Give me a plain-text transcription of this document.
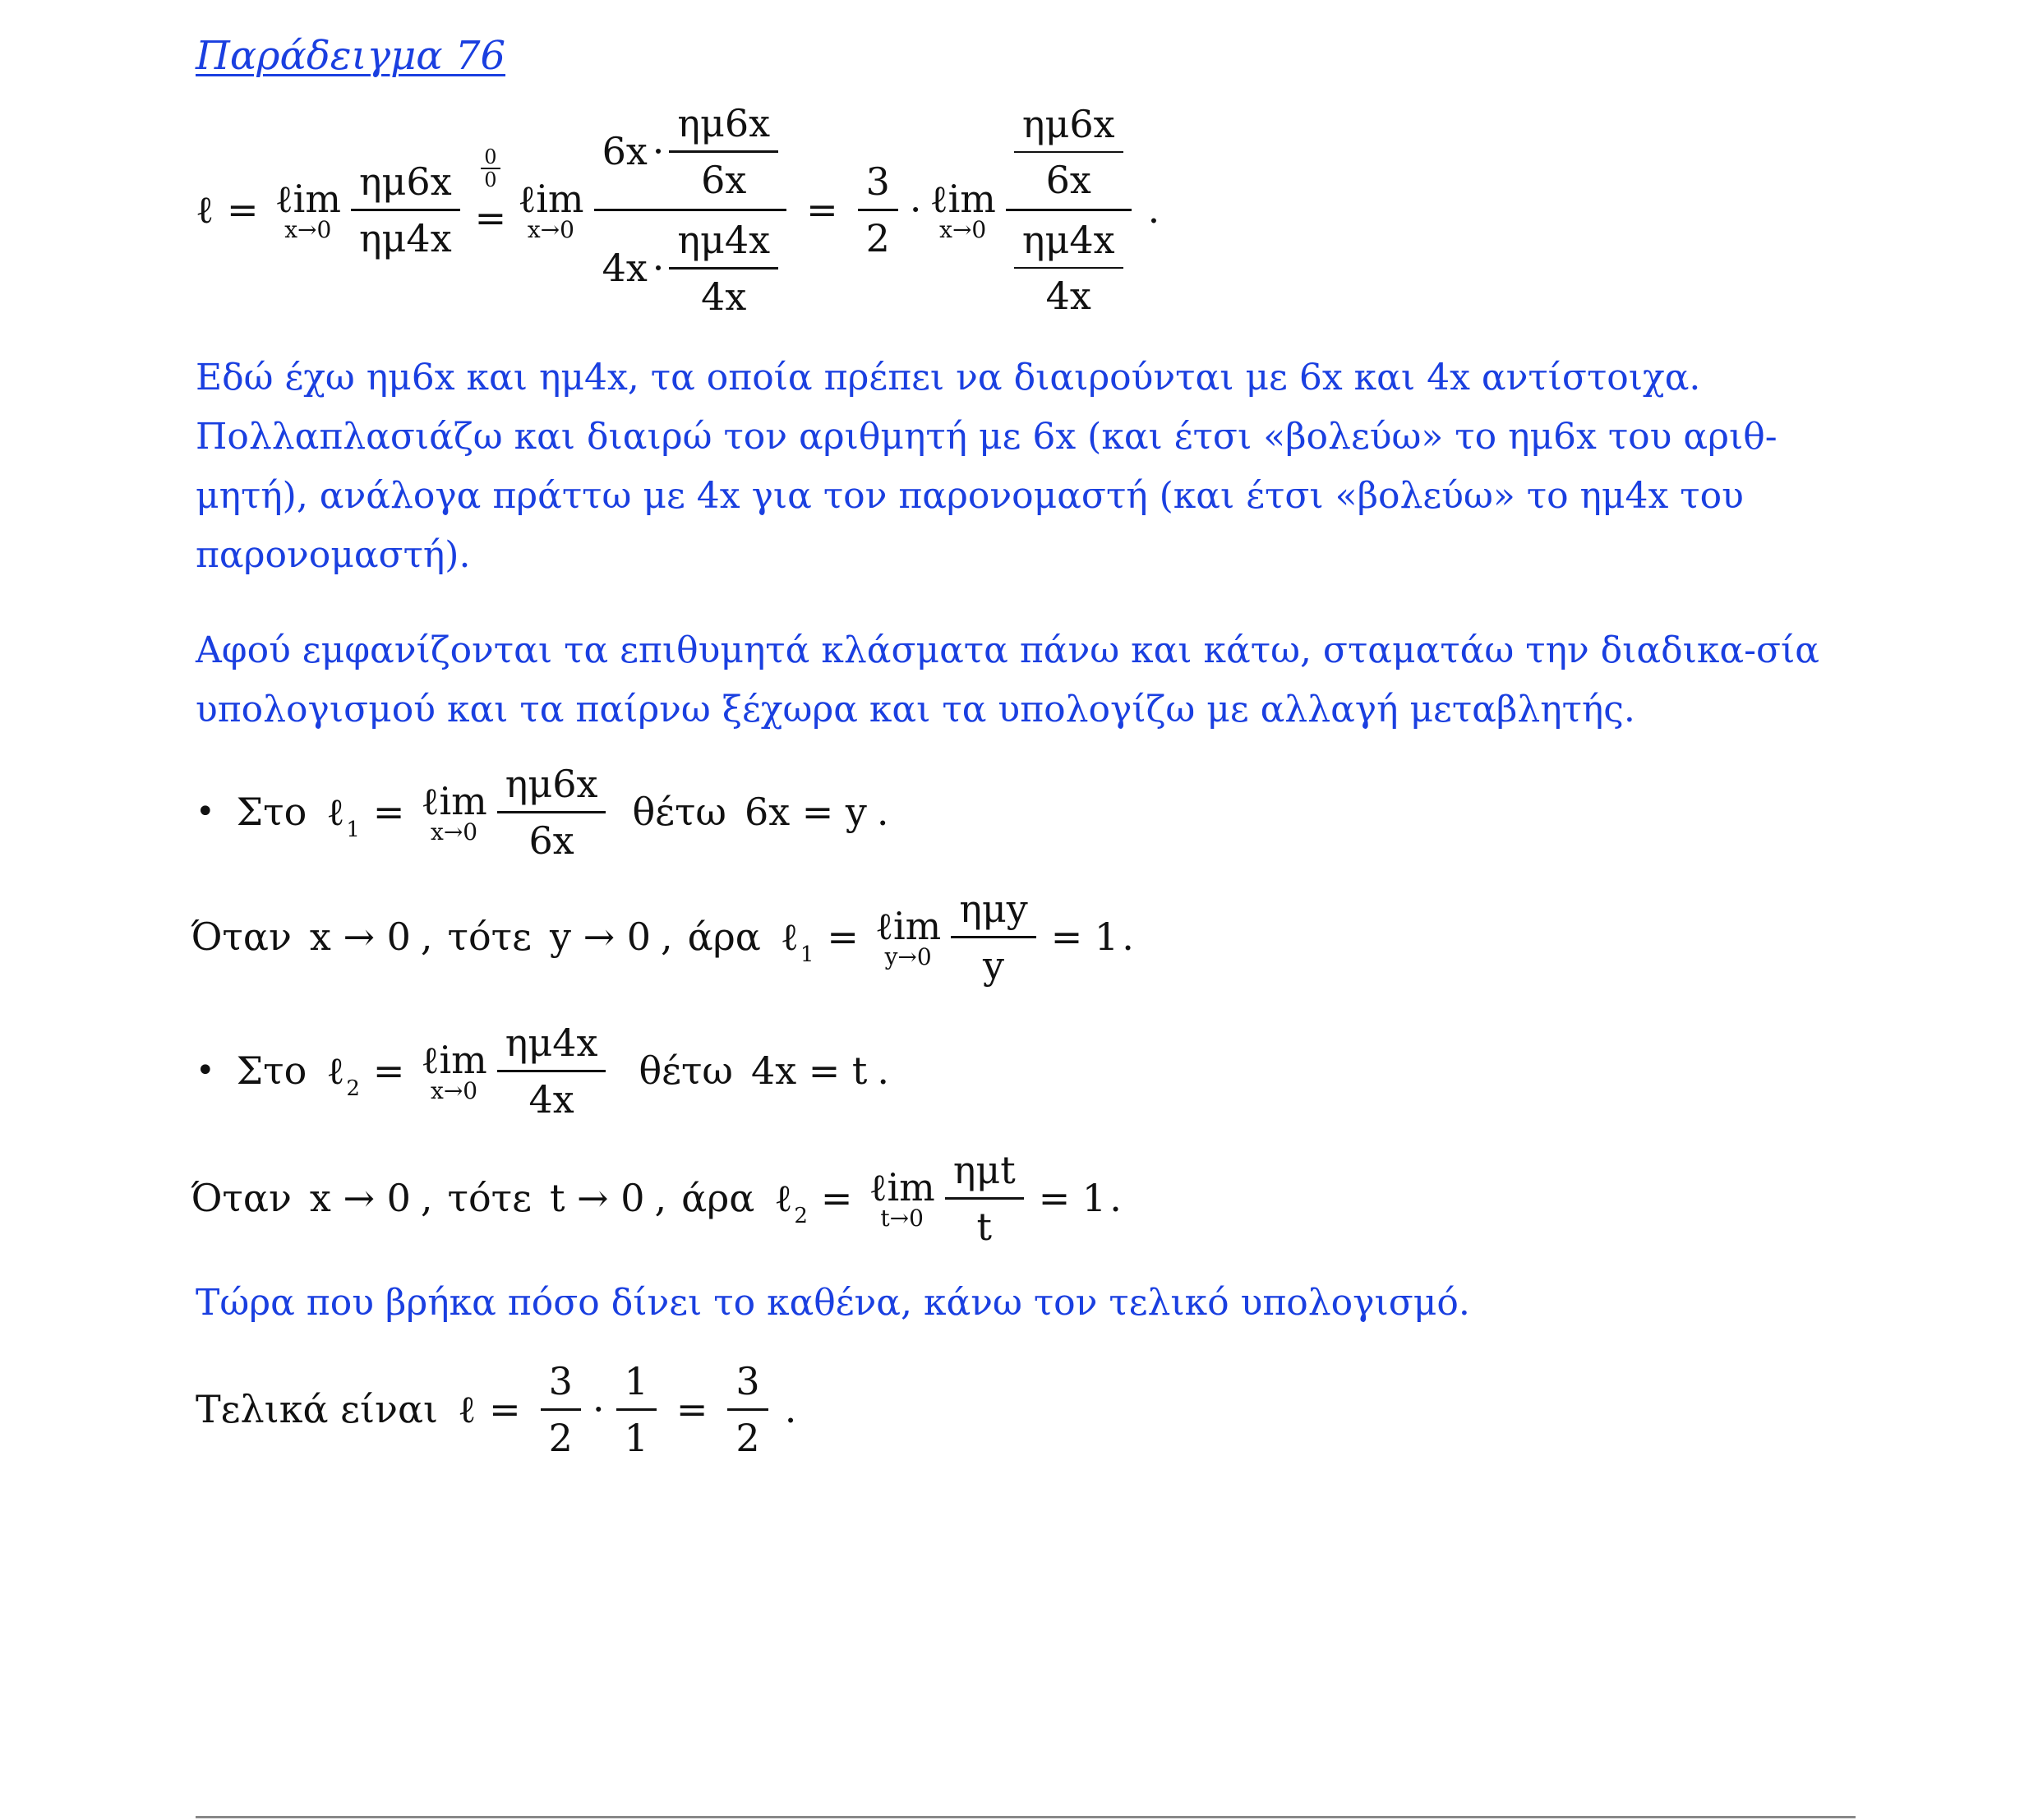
Παράδειγμα 76
ℓ = ℓim
$x\to 0 \frac{\eta\mu 6x}{\eta\mu 4x} \frac{0}{0}$
= ℓim
$x\to 0 \frac{6x \cdot \frac{\eta\mu 6x}{6x}}{4x \cdot \frac{\eta\mu 4x}{4x}} = \frac{3}{2}$ · ℓim
$x\to 0 \frac{\frac{\eta\mu 6x}{6x}}{\frac{\eta\mu 4x}{4x}}$ .
Εδώ έχω ημ6x και ημ4x, τα οποία πρέπει να διαιρούνται με 6x και 4x αντίστοιχα. Πολλαπλασιάζω και διαιρώ τον αριθμητή με 6x (και έτσι «βολεύω» το ημ6x του αριθ-μητή), ανάλογα πράττω με 4x για τον παρονομαστή (και έτσι «βολεύω» το ημ4x του παρονομαστή).
Αφού εμφανίζονται τα επιθυμητά κλάσματα πάνω και κάτω, σταματάω την διαδικα-σία υπολογισμού και τα παίρνω ξέχωρα και τα υπολογίζω με αλλαγή μεταβλητής.
• Στο ℓ$_1$ = ℓim
$x\to 0 \frac{\eta\mu 6x}{6x}$ θέτω 6x = y .
Όταν x → 0 , τότε y → 0 , άρα ℓ$_1$ = ℓim
$y\to 0 \frac{\text{ημy}}{y} = 1$ .
• Στο ℓ$_2$ = ℓim
$x\to 0 \frac{\eta\mu 4x}{4x}$ θέτω 4x = t .
Όταν x → 0 , τότε t → 0 , άρα ℓ$_2$ = ℓim
$t\to 0 \frac{\text{ημt}}{t} = 1$ .
Τώρα που βρήκα πόσο δίνει το καθένα, κάνω τον τελικό υπολογισμό.
Τελικά είναι ℓ = $\frac{3}{2} \cdot \frac{1}{1} = \frac{3}{2}$ .
